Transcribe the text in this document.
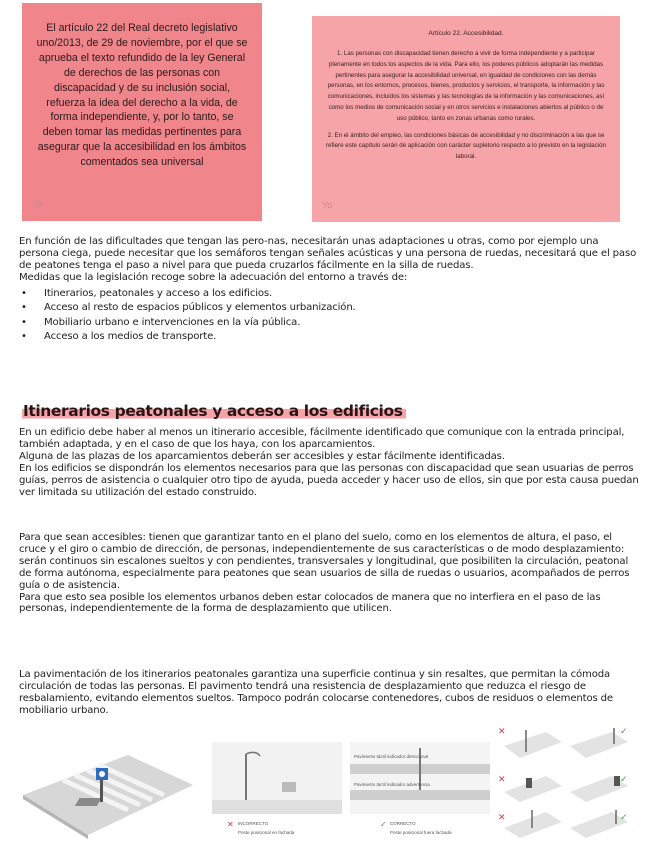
El artículo 22 del Real decreto legislativo uno/2013, de 29 de noviembre, por el que se aprueba el texto refundido de la ley General de derechos de las personas con discapacidad y de su inclusión social, refuerza la idea del derecho a la vida, de forma independiente, y, por lo tanto, se deben tomar las medidas pertinentes para asegurar que la accesibilidad en los ámbitos comentados sea universal
Yo
Artículo 22. Accesibilidad.
1. Las personas con discapacidad tienen derecho a vivir de forma independiente y a participar plenamente en todos los aspectos de la vida. Para ello, los poderes públicos adoptarán las medidas pertinentes para asegurar la accesibilidad universal, en igualdad de condiciones con las demás personas, en los entornos, procesos, bienes, productos y servicios, el transporte, la información y las comunicaciones, incluidos los sistemas y las tecnologías de la información y las comunicaciones, así como los medios de comunicación social y en otros servicios e instalaciones abiertos al público o de uso público, tanto en zonas urbanas como rurales.
2. En el ámbito del empleo, las condiciones básicas de accesibilidad y no discriminación a las que se refiere este capítulo serán de aplicación con carácter supletorio respecto a lo previsto en la legislación laboral.
Yo

En función de las dificultades que tengan las pero-nas, necesitarán unas adaptaciones u otras, como por ejemplo una persona ciega, puede necesitar que los semáforos tengan señales acústicas y una persona de ruedas, necesitará que el paso de peatones tenga el paso a nivel para que pueda cruzarlos fácilmente en la silla de ruedas.

Medidas que la legislación recoge sobre la adecuación del entorno a través de:

• Itinerarios, peatonales y acceso a los edificios.
• Acceso al resto de espacios públicos y elementos urbanización.
• Mobiliario urbano e intervenciones en la vía pública.
• Acceso a los medios de transporte.
Itinerarios peatonales y acceso a los edificios

En un edificio debe haber al menos un itinerario accesible, fácilmente identificado que comunique con la entrada principal, también adaptada, y en el caso de que los haya, con los aparcamientos.

Alguna de las plazas de los aparcamientos deberán ser accesibles y estar fácilmente identificadas.

En los edificios se dispondrán los elementos necesarios para que las personas con discapacidad que sean usuarias de perros guías, perros de asistencia o cualquier otro tipo de ayuda, pueda acceder y hacer uso de ellos, sin que por esta causa puedan ver limitada su utilización del estado construido.

Para que sean accesibles: tienen que garantizar tanto en el plano del suelo, como en los elementos de altura, el paso, el cruce y el giro o cambio de dirección, de personas, independientemente de sus características o de modo desplazamiento: serán continuos sin escalones sueltos y con pendientes, transversales y longitudinal, que posibiliten la circulación, peatonal de forma autónoma, especialmente para peatones que sean usuarios de silla de ruedas o usuarios, acompañados de perros guía o de asistencia.

Para que esto sea posible los elementos urbanos deben estar colocados de manera que no interfiera en el paso de las personas, independientemente de la forma de desplazamiento que utilicen.

La pavimentación de los itinerarios peatonales garantiza una superficie continua y sin resaltes, que permitan la cómoda circulación de todas las personas. El pavimento tendrá una resistencia de desplazamiento que reduzca el riesgo de resbalamiento, evitando elementos sueltos. Tampoco podrán colocarse contenedores, cubos de residuos o elementos de mobiliario urbano.

INCORRECTO
Poste posicional en fachada
✕
Pavimento táctil indicador direccional
Pavimento táctil indicador advertencia
CORRECTO
Poste posicional fuera fachada
✓
✕	✓
✕	✓
✕	✓
